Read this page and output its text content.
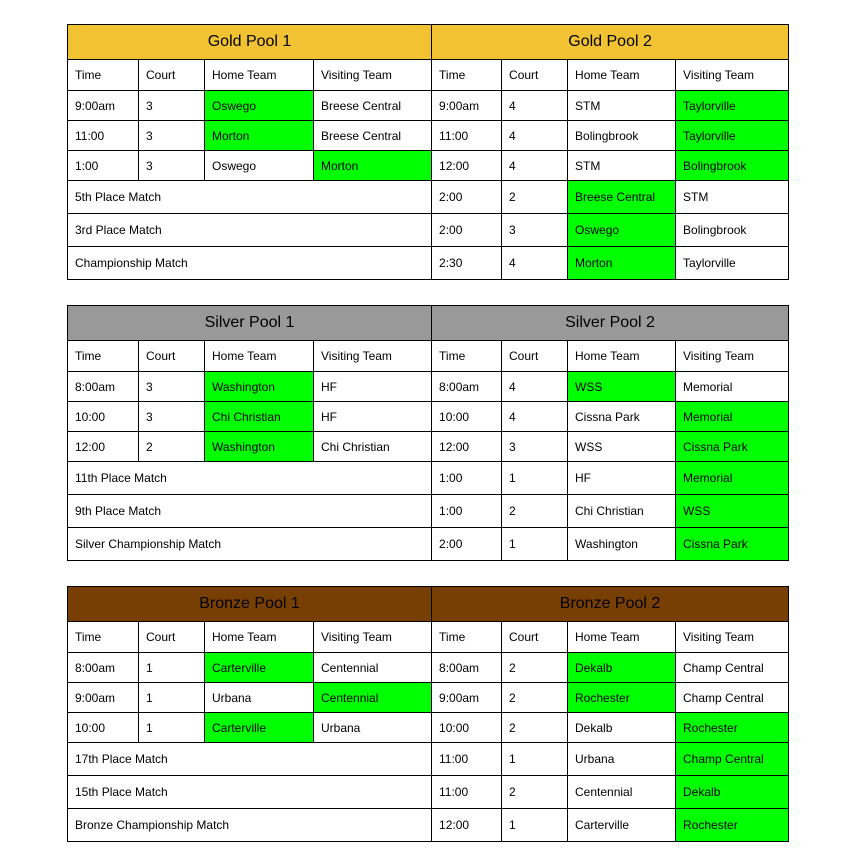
Gold Pool 1				Gold Pool 2			
Time	Court	Home Team	Visiting Team	Time	Court	Home Team	Visiting Team
9:00am	3	Oswego	Breese Central	9:00am	4	STM	Taylorville
11:00	3	Morton	Breese Central	11:00	4	Bolingbrook	Taylorville
1:00	3	Oswego	Morton	12:00	4	STM	Bolingbrook
5th Place Match				2:00	2	Breese Central	STM
3rd Place Match				2:00	3	Oswego	Bolingbrook
Championship Match				2:30	4	Morton	Taylorville
Silver Pool 1				Silver Pool 2			
Time	Court	Home Team	Visiting Team	Time	Court	Home Team	Visiting Team
8:00am	3	Washington	HF	8:00am	4	WSS	Memorial
10:00	3	Chi Christian	HF	10:00	4	Cissna Park	Memorial
12:00	2	Washington	Chi Christian	12:00	3	WSS	Cissna Park
11th Place Match				1:00	1	HF	Memorial
9th Place Match				1:00	2	Chi Christian	WSS
Silver Championship Match				2:00	1	Washington	Cissna Park
Bronze Pool 1				Bronze Pool 2			
Time	Court	Home Team	Visiting Team	Time	Court	Home Team	Visiting Team
8:00am	1	Carterville	Centennial	8:00am	2	Dekalb	Champ Central
9:00am	1	Urbana	Centennial	9:00am	2	Rochester	Champ Central
10:00	1	Carterville	Urbana	10:00	2	Dekalb	Rochester
17th Place Match				11:00	1	Urbana	Champ Central
15th Place Match				11:00	2	Centennial	Dekalb
Bronze Championship Match				12:00	1	Carterville	Rochester
